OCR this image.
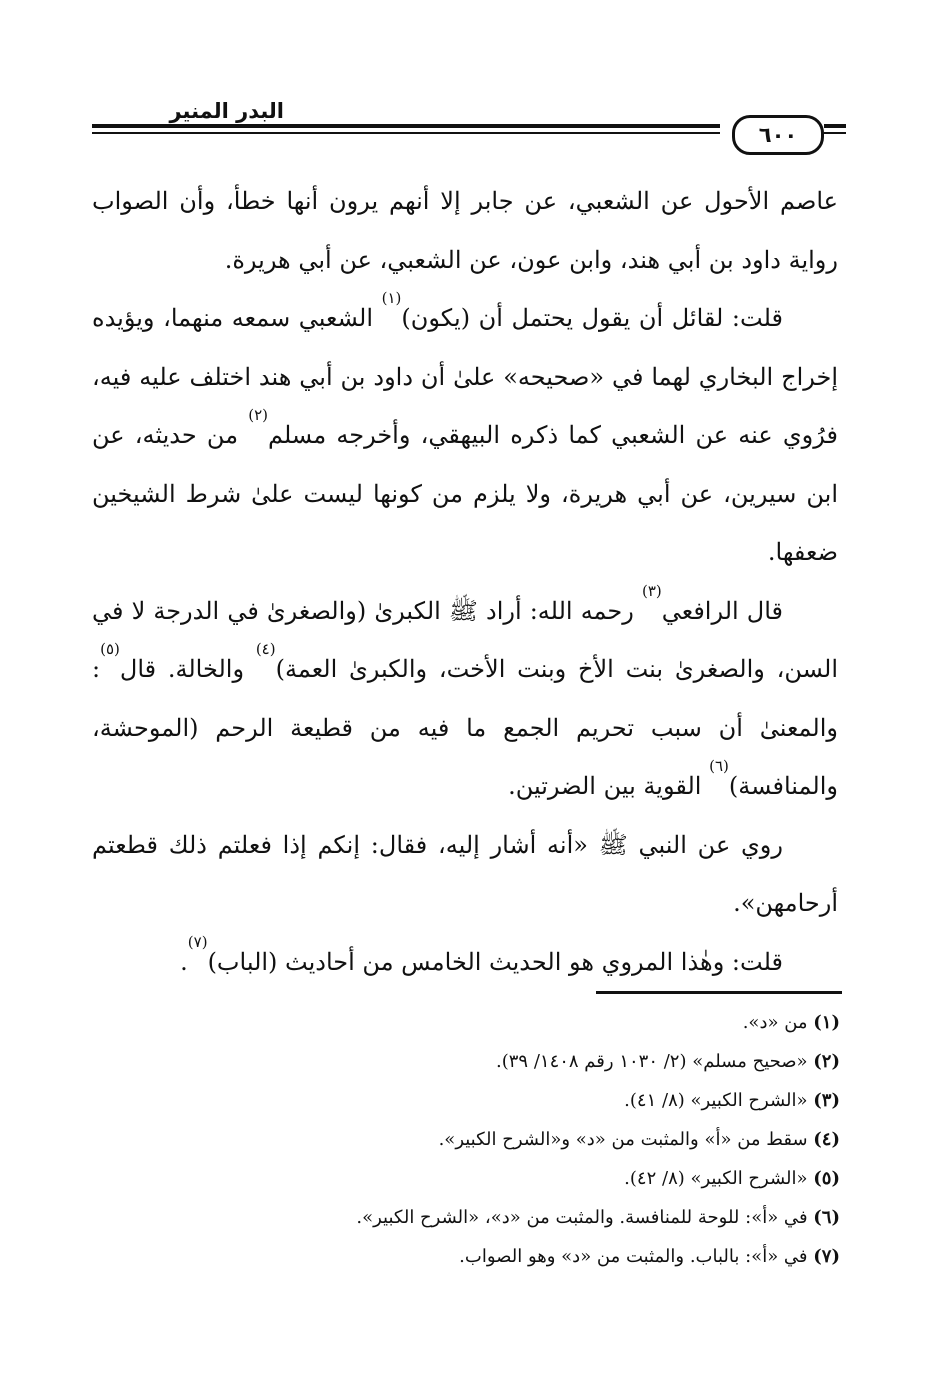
البدر المنير
٦٠٠

عاصم الأحول عن الشعبي، عن جابر إلا أنهم يرون أنها خطأ، وأن الصواب رواية داود بن أبي هند، وابن عون، عن الشعبي، عن أبي هريرة.

قلت: لقائل أن يقول يحتمل أن (يكون)$^{(١)}$ الشعبي سمعه منهما، ويؤيده إخراج البخاري لهما في «صحيحه» علىٰ أن داود بن أبي هند اختلف عليه فيه، فرُوي عنه عن الشعبي كما ذكره البيهقي، وأخرجه مسلم$^{(٢)}$ من حديثه، عن ابن سيرين، عن أبي هريرة، ولا يلزم من كونها ليست علىٰ شرط الشيخين ضعفها.

قال الرافعي$^{(٣)}$ رحمه الله: أراد ﷺ الكبرىٰ (والصغرىٰ في الدرجة لا في السن، والصغرىٰ بنت الأخ وبنت الأخت، والكبرىٰ العمة)$^{(٤)}$ والخالة. قال$^{(٥)}$: والمعنىٰ أن سبب تحريم الجمع ما فيه من قطيعة الرحم (الموحشة، والمنافسة)$^{(٦)}$ القوية بين الضرتين.

روي عن النبي ﷺ «أنه أشار إليه، فقال: إنكم إذا فعلتم ذلك قطعتم أرحامهن».

قلت: وهٰذا المروي هو الحديث الخامس من أحاديث (الباب)$^{(٧)}$.

(١) من «د».
(٢) «صحيح مسلم» (٢/ ١٠٣٠ رقم ١٤٠٨/ ٣٩).
(٣) «الشرح الكبير» (٨/ ٤١).
(٤) سقط من «أ» والمثبت من «د» و«الشرح الكبير».
(٥) «الشرح الكبير» (٨/ ٤٢).
(٦) في «أ»: للوحة للمنافسة. والمثبت من «د»، «الشرح الكبير».
(٧) في «أ»: بالباب. والمثبت من «د» وهو الصواب.
